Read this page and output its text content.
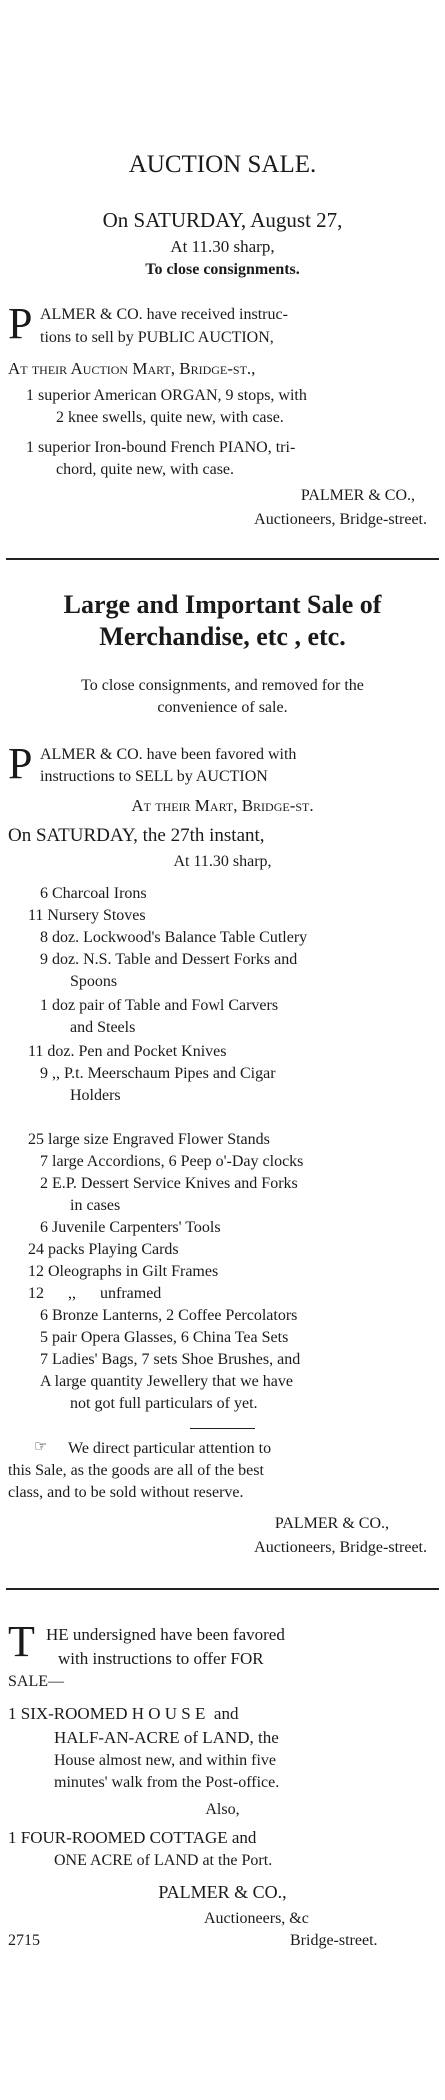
AUCTION SALE.
On SATURDAY, August 27,
At 11.30 sharp,
To close consignments.
P ALMER & CO. have received instruc-
tions to sell by PUBLIC AUCTION,
At their Auction Mart, Bridge-st.,
1 superior American ORGAN, 9 stops, with
2 knee swells, quite new, with case.
1 superior Iron-bound French PIANO, tri-
chord, quite new, with case.
PALMER & CO.,
Auctioneers, Bridge-street.
Large and Important Sale of
Merchandise, etc , etc.
To close consignments, and removed for the
convenience of sale.
P ALMER & CO. have been favored with
instructions to SELL by AUCTION
At their Mart, Bridge-st.
On SATURDAY, the 27th instant,
At 11.30 sharp,
6 Charcoal Irons
11 Nursery Stoves
8 doz. Lockwood's Balance Table Cutlery
9 doz. N.S. Table and Dessert Forks and
Spoons
1 doz pair of Table and Fowl Carvers
and Steels
11 doz. Pen and Pocket Knives
9 ,, P.t. Meerschaum Pipes and Cigar
Holders
25 large size Engraved Flower Stands
7 large Accordions, 6 Peep o'-Day clocks
2 E.P. Dessert Service Knives and Forks
in cases
6 Juvenile Carpenters' Tools
24 packs Playing Cards
12 Oleographs in Gilt Frames
12      ,,      unframed
6 Bronze Lanterns, 2 Coffee Percolators
5 pair Opera Glasses, 6 China Tea Sets
7 Ladies' Bags, 7 sets Shoe Brushes, and
A large quantity Jewellery that we have
not got full particulars of yet.
☞ We direct particular attention to
this Sale, as the goods are all of the best
class, and to be sold without reserve.
PALMER & CO.,
Auctioneers, Bridge-street.
T HE undersigned have been favored
with instructions to offer FOR
SALE—
1 SIX-ROOMED H O U S E  and
HALF-AN-ACRE of LAND, the
House almost new, and within five
minutes' walk from the Post-office.
Also,
1 FOUR-ROOMED COTTAGE and
ONE ACRE of LAND at the Port.
PALMER & CO.,
Auctioneers, &c
2715	Bridge-street.
